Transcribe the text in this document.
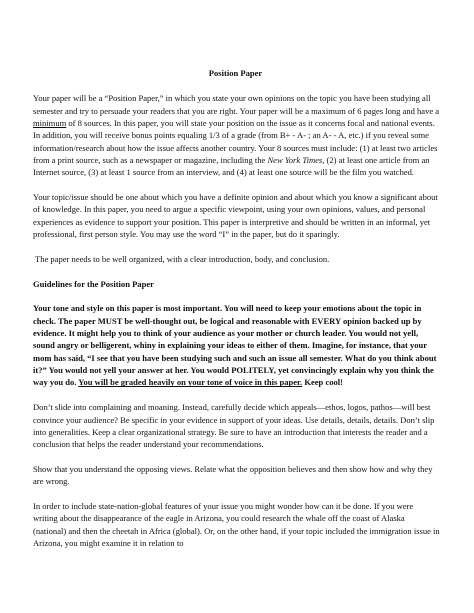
Position Paper

Your paper will be a “Position Paper,” in which you state your own opinions on the topic you have been studying all semester and try to persuade your readers that you are right. Your paper will be a maximum of 6 pages long and have a minimum of 8 sources. In this paper, you will state your position on the issue as it concerns focal and national events. In addition, you will receive bonus points equaling 1/3 of a grade (from B+ - A- ; an A- - A, etc.) if you reveal some information/research about how the issue affects another country. Your 8 sources must include: (1) at least two articles from a print source, such as a newspaper or magazine, including the New York Times, (2) at least one article from an Internet source, (3) at least 1 source from an interview, and (4) at least one source will be the film you watched.

Your topic/issue should be one about which you have a definite opinion and about which you know a significant about of knowledge. In this paper, you need to argue a specific viewpoint, using your own opinions, values, and personal experiences as evidence to support your position. This paper is interpretive and should be written in an informal, yet professional, first person style. You may use the word “I” in the paper, but do it sparingly.

The paper needs to be well organized, with a clear introduction, body, and conclusion.

Guidelines for the Position Paper

Your tone and style on this paper is most important. You will need to keep your emotions about the topic in check. The paper MUST be well-thought out, be logical and reasonable with EVERY opinion backed up by evidence. It might help you to think of your audience as your mother or church leader. You would not yell, sound angry or belligerent, whiny in explaining your ideas to either of them. Imagine, for instance, that your mom has said, “I see that you have been studying such and such an issue all semester. What do you think about it?” You would not yell your answer at her. You would POLITELY, yet convincingly explain why you think the way you do. You will be graded heavily on your tone of voice in this paper. Keep cool!

Don’t slide into complaining and moaning. Instead, carefully decide which appeals—ethos, logos, pathos—will best convince your audience? Be specific in your evidence in support of your ideas. Use details, details, details. Don’t slip into generalities. Keep a clear organizational strategy. Be sure to have an introduction that interests the reader and a conclusion that helps the reader understand your recommendations.

Show that you understand the opposing views. Relate what the opposition believes and then show how and why they are wrong.

In order to include state-nation-global features of your issue you might wonder how can it be done. If you were writing about the disappearance of the eagle in Arizona, you could research the whale off the coast of Alaska (national) and then the cheetah in Africa (global). Or, on the other hand, if your topic included the immigration issue in Arizona, you might examine it in relation to
